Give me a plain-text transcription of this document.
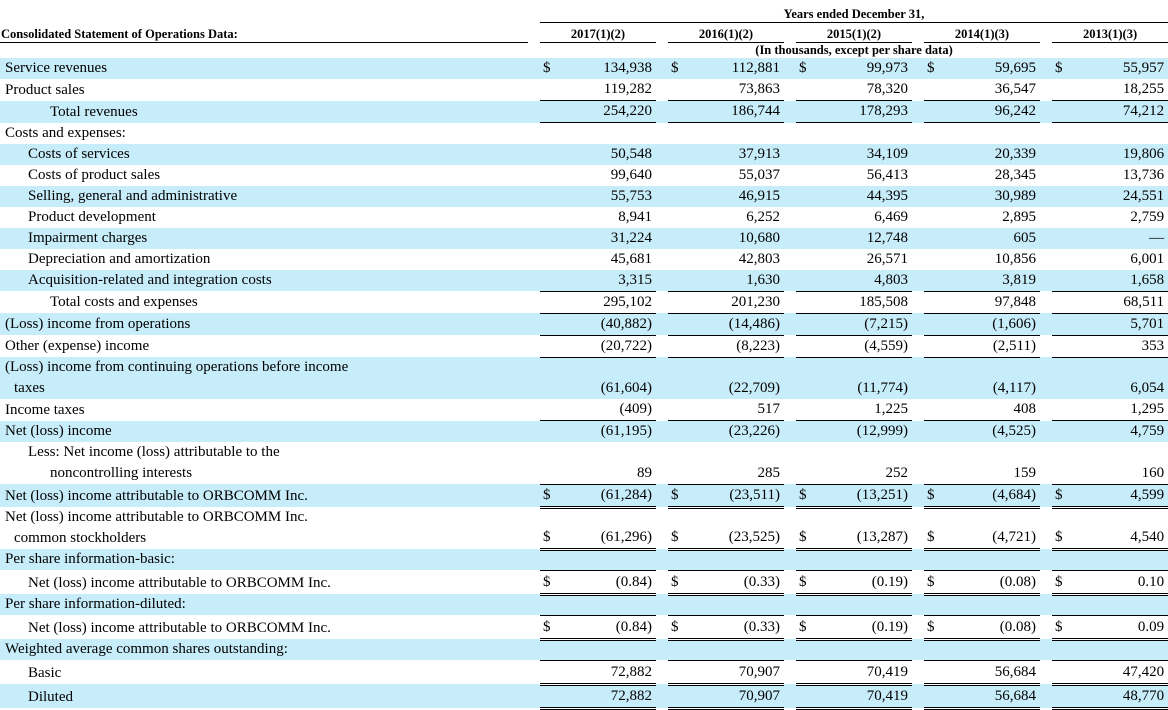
		Years ended December 31,													
Consolidated Statement of Operations Data:		2017(1)(2)			2016(1)(2)			2015(1)(2)			2014(1)(3)			2013(1)(3)	
		(In thousands, except per share data)													

Service revenues		$	134,938		$	112,881		$	99,973		$	59,695		$	55,957

Product sales			119,282			73,863			78,320			36,547			18,255

Total revenues			254,220			186,744			178,293			96,242			74,212

Costs and expenses:															

Costs of services			50,548			37,913			34,109			20,339			19,806

Costs of product sales			99,640			55,037			56,413			28,345			13,736

Selling, general and administrative			55,753			46,915			44,395			30,989			24,551

Product development			8,941			6,252			6,469			2,895			2,759

Impairment charges			31,224			10,680			12,748			605			—

Depreciation and amortization			45,681			42,803			26,571			10,856			6,001

Acquisition-related and integration costs			3,315			1,630			4,803			3,819			1,658

Total costs and expenses			295,102			201,230			185,508			97,848			68,511

(Loss) income from operations			(40,882)			(14,486)			(7,215)			(1,606)			5,701

Other (expense) income			(20,722)			(8,223)			(4,559)			(2,511)			353

(Loss) income from continuing operations before income
taxes			(61,604)			(22,709)			(11,774)			(4,117)			6,054

Income taxes			(409)			517			1,225			408			1,295

Net (loss) income			(61,195)			(23,226)			(12,999)			(4,525)			4,759

Less: Net income (loss) attributable to the
noncontrolling interests			89			285			252			159			160

Net (loss) income attributable to ORBCOMM Inc.		$	(61,284)		$	(23,511)		$	(13,251)		$	(4,684)		$	4,599

Net (loss) income attributable to ORBCOMM Inc.
common stockholders		$	(61,296)		$	(23,525)		$	(13,287)		$	(4,721)		$	4,540

Per share information-basic:															

Net (loss) income attributable to ORBCOMM Inc.		$	(0.84)		$	(0.33)		$	(0.19)		$	(0.08)		$	0.10

Per share information-diluted:															

Net (loss) income attributable to ORBCOMM Inc.		$	(0.84)		$	(0.33)		$	(0.19)		$	(0.08)		$	0.09

Weighted average common shares outstanding:															

Basic			72,882			70,907			70,419			56,684			47,420

Diluted			72,882			70,907			70,419			56,684			48,770
